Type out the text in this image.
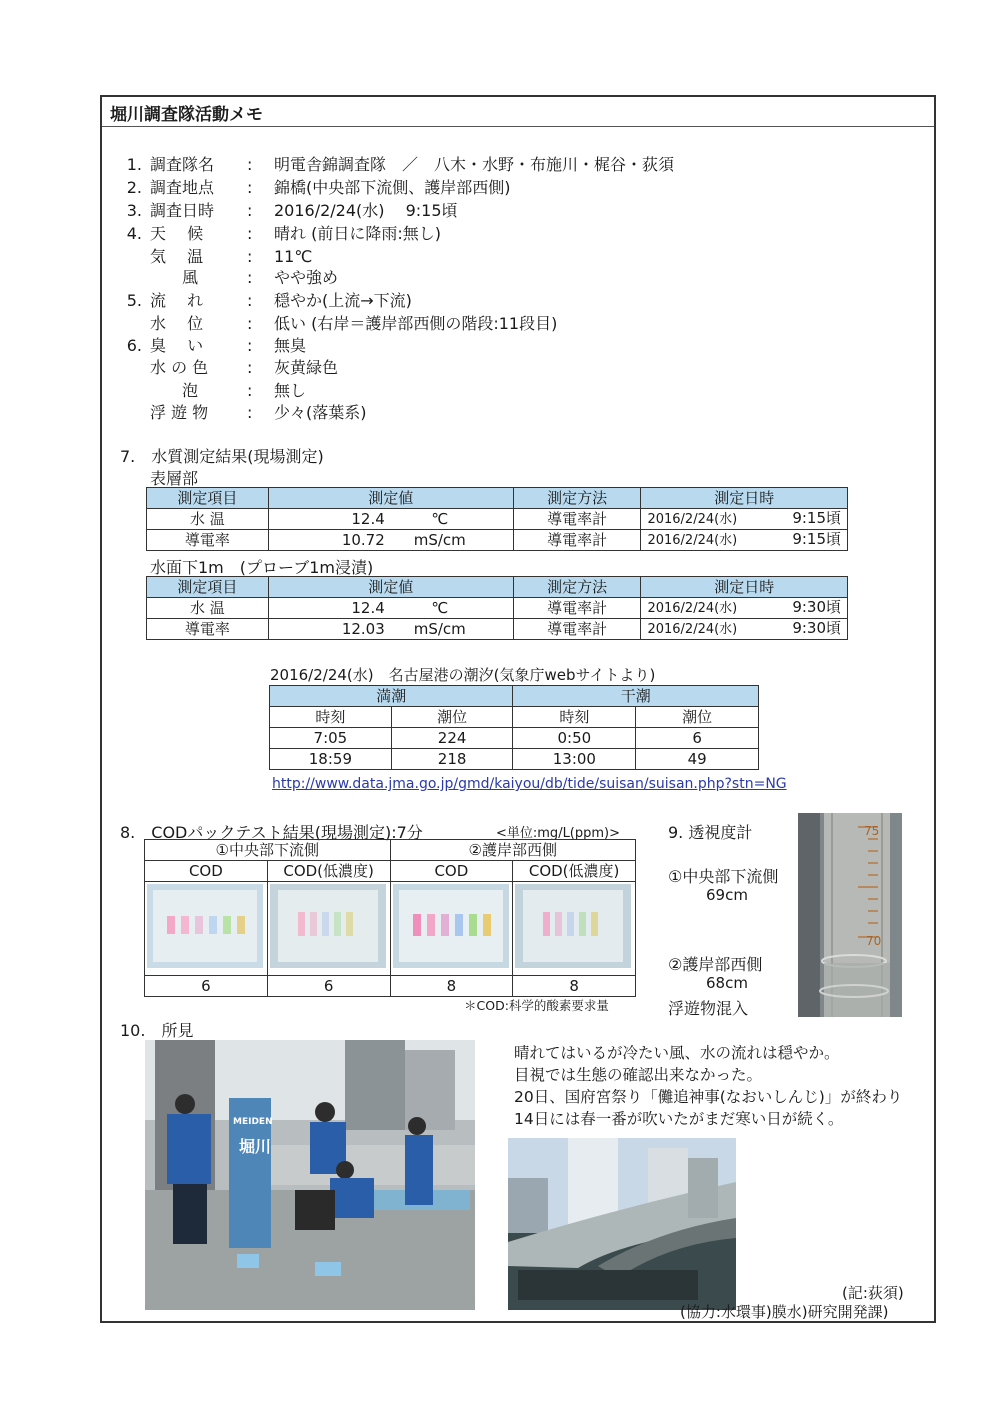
堀川調査隊活動メモ
1. 調査隊名 : 明電舎錦調査隊　／　八木・水野・布施川・梶谷・荻須
2. 調査地点 : 錦橋(中央部下流側、護岸部西側)
3. 調査日時 : 2016/2/24(水)　 9:15頃
4. 天　 候	: 晴れ (前日に降雨:無し)
気　 温	: 11℃
　　風	: やや強め
5. 流　 れ	: 穏やか(上流→下流)
水　 位	: 低い (右岸＝護岸部西側の階段:11段目)
6. 臭　 い	: 無臭
水 の 色 : 灰黄緑色
　　泡	: 無し
浮 遊 物 : 少々(落葉系)
7.　水質測定結果(現場測定)
表層部
測定項目	測定値	測定方法	測定日時
水 温	12.4 ℃	導電率計	2016/2/24(水) 9:15頃

導電率	10.72 mS/cm	導電率計	2016/2/24(水) 9:15頃
水面下1m　(プローブ1m浸漬)
測定項目	測定値	測定方法	測定日時
水 温	12.4 ℃	導電率計	2016/2/24(水) 9:30頃

導電率	12.03 mS/cm	導電率計	2016/2/24(水) 9:30頃
2016/2/24(水)　名古屋港の潮汐(気象庁webサイトより)
満潮		干潮	
時刻	潮位	時刻	潮位
7:05	224	0:50	6
18:59	218	13:00	49
http://www.data.jma.go.jp/gmd/kaiyou/db/tide/suisan/suisan.php?stn=NG
8.　CODパックテスト結果(現場測定):7分	<単位:mg/L(ppm)>
①中央部下流側		②護岸部西側	
COD	COD(低濃度)	COD	COD(低濃度)

6	6	8	8
＊COD:科学的酸素要求量
9. 透視度計
①中央部下流側
69cm
②護岸部西側
68cm
浮遊物混入
75
70
10.　所見
MEIDEN
堀川
晴れてはいるが冷たい風、水の流れは穏やか。
目視では生態の確認出来なかった。
20日、国府宮祭り「儺追神事(なおいしんじ)」が終わり
14日には春一番が吹いたがまだ寒い日が続く。
(記:荻須)
(協力:水環事)膜水)研究開発課)
